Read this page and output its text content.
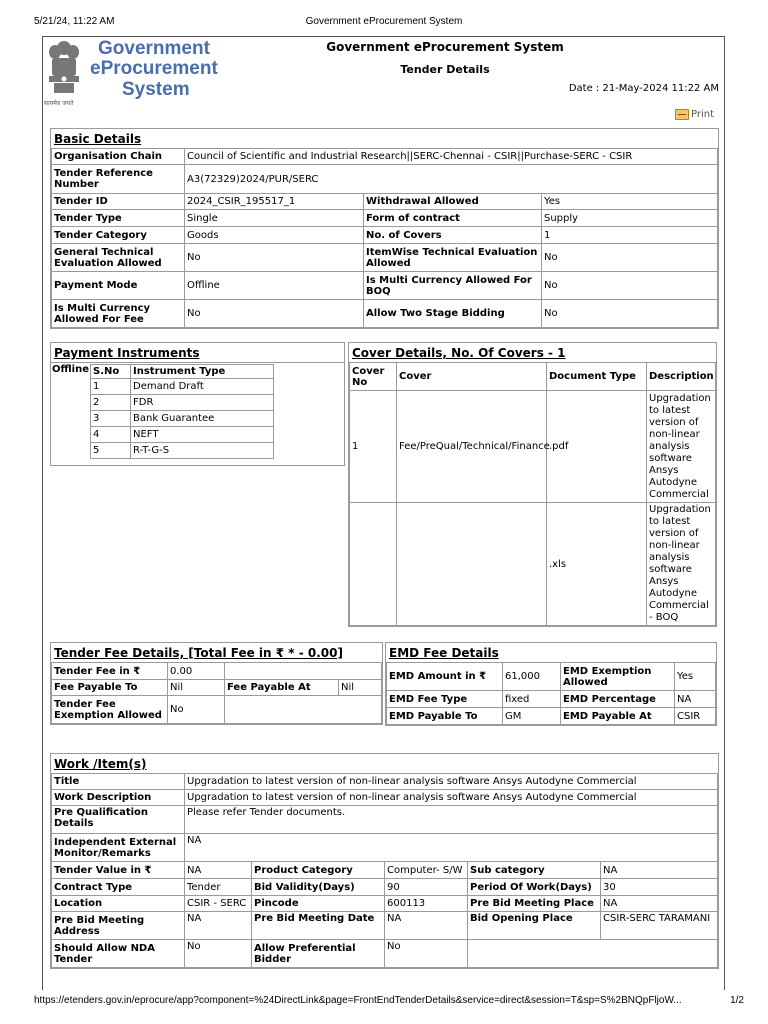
5/21/24, 11:22 AM	Government eProcurement System
सत्यमेव जयते
Government
eProcurement
System
Government eProcurement System
Tender Details
Date : 21-May-2024 11:22 AM
Print
Basic Details
Organisation Chain	Council of Scientific and Industrial Research||SERC-Chennai - CSIR||Purchase-SERC - CSIR		
Tender Reference Number	A3(72329)2024/PUR/SERC		
Tender ID	2024_CSIR_195517_1	Withdrawal Allowed	Yes
Tender Type	Single	Form of contract	Supply
Tender Category	Goods	No. of Covers	1
General Technical Evaluation Allowed	No	ItemWise Technical Evaluation Allowed	No
Payment Mode	Offline	Is Multi Currency Allowed For BOQ	No
Is Multi Currency Allowed For Fee	No	Allow Two Stage Bidding	No
Payment Instruments
Offline S.No	Instrument Type
1	Demand Draft
2	FDR
3	Bank Guarantee
4	NEFT
5	R-T-G-S
Cover Details, No. Of Covers - 1
Cover No	Cover	Document Type	Description
1	Fee/PreQual/Technical/Finance	.pdf	Upgradation to latest version of non-linear analysis software Ansys Autodyne Commercial
		.xls	Upgradation to latest version of non-linear analysis software Ansys Autodyne Commercial - BOQ
Tender Fee Details, [Total Fee in ₹ * - 0.00]
Tender Fee in ₹	0.00		
Fee Payable To	Nil	Fee Payable At	Nil
Tender Fee Exemption Allowed	No		
EMD Fee Details
EMD Amount in ₹	61,000	EMD Exemption Allowed	Yes
EMD Fee Type	fixed	EMD Percentage	NA
EMD Payable To	GM	EMD Payable At	CSIR
Work /Item(s)
Title	Upgradation to latest version of non-linear analysis software Ansys Autodyne Commercial				
Work Description	Upgradation to latest version of non-linear analysis software Ansys Autodyne Commercial				
Pre Qualification Details	Please refer Tender documents.				
Independent External Monitor/Remarks	NA				
Tender Value in ₹	NA	Product Category	Computer- S/W	Sub category	NA
Contract Type	Tender	Bid Validity(Days)	90	Period Of Work(Days)	30
Location	CSIR - SERC	Pincode	600113	Pre Bid Meeting Place	NA
Pre Bid Meeting Address	NA	Pre Bid Meeting Date	NA	Bid Opening Place	CSIR-SERC TARAMANI
Should Allow NDA Tender	No	Allow Preferential Bidder	No		
https://etenders.gov.in/eprocure/app?component=%24DirectLink&page=FrontEndTenderDetails&service=direct&session=T&sp=S%2BNQpFljoW...	1/2
